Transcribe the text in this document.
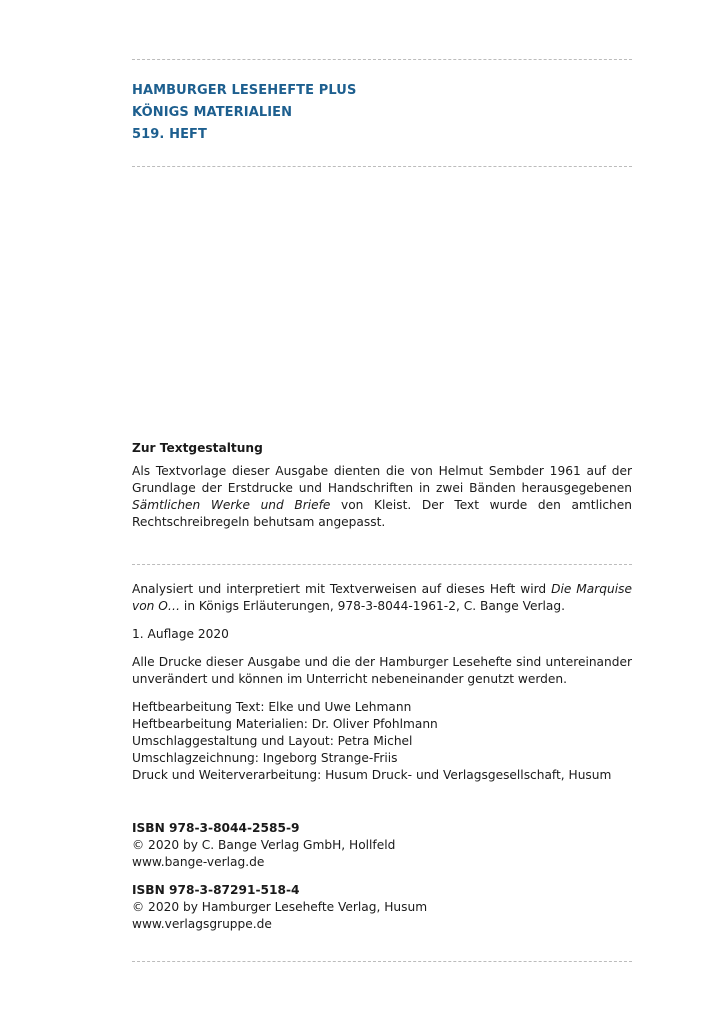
HAMBURGER LESEHEFTE PLUS
KÖNIGS MATERIALIEN
519. HEFT
Zur Textgestaltung
Als Textvorlage dieser Ausgabe dienten die von Helmut Sembder 1961 auf der Grundlage der Erstdrucke und Handschriften in zwei Bänden herausgegebenen Sämtlichen Werke und Briefe von Kleist. Der Text wurde den amtlichen Rechtschreibregeln behutsam angepasst.

Analysiert und interpretiert mit Textverweisen auf dieses Heft wird Die Marquise von O… in Königs Erläuterungen, 978-3-8044-1961-2, C. Bange Verlag.

1. Auflage 2020

Alle Drucke dieser Ausgabe und die der Hamburger Lesehefte sind untereinander unverändert und können im Unterricht nebeneinander genutzt werden.

Heftbearbeitung Text: Elke und Uwe Lehmann
Heftbearbeitung Materialien: Dr. Oliver Pfohlmann
Umschlaggestaltung und Layout: Petra Michel
Umschlagzeichnung: Ingeborg Strange-Friis
Druck und Weiterverarbeitung: Husum Druck- und Verlagsgesellschaft, Husum
ISBN 978-3-8044-2585-9
© 2020 by C. Bange Verlag GmbH, Hollfeld
www.bange-verlag.de
ISBN 978-3-87291-518-4
© 2020 by Hamburger Lesehefte Verlag, Husum
www.verlagsgruppe.de
